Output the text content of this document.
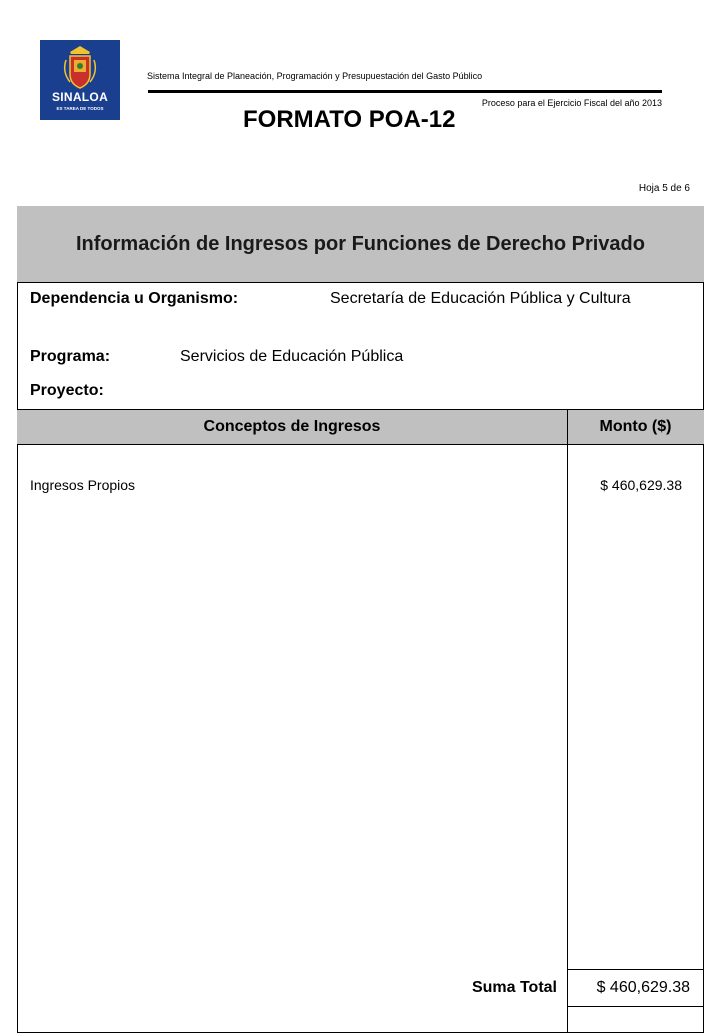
SINALOA
ES TAREA DE TODOS
Sistema Integral de Planeación, Programación y Presupuestación del Gasto Público
Proceso para el Ejercicio Fiscal del año 2013
FORMATO POA-12
Hoja 5 de 6
Información de Ingresos por Funciones de Derecho Privado
Dependencia u Organismo:	Secretaría de Educación Pública y Cultura
Programa:	Servicios de Educación Pública
Proyecto:
Conceptos de Ingresos	Monto ($)
Ingresos Propios	$ 460,629.38
Suma Total $ 460,629.38
